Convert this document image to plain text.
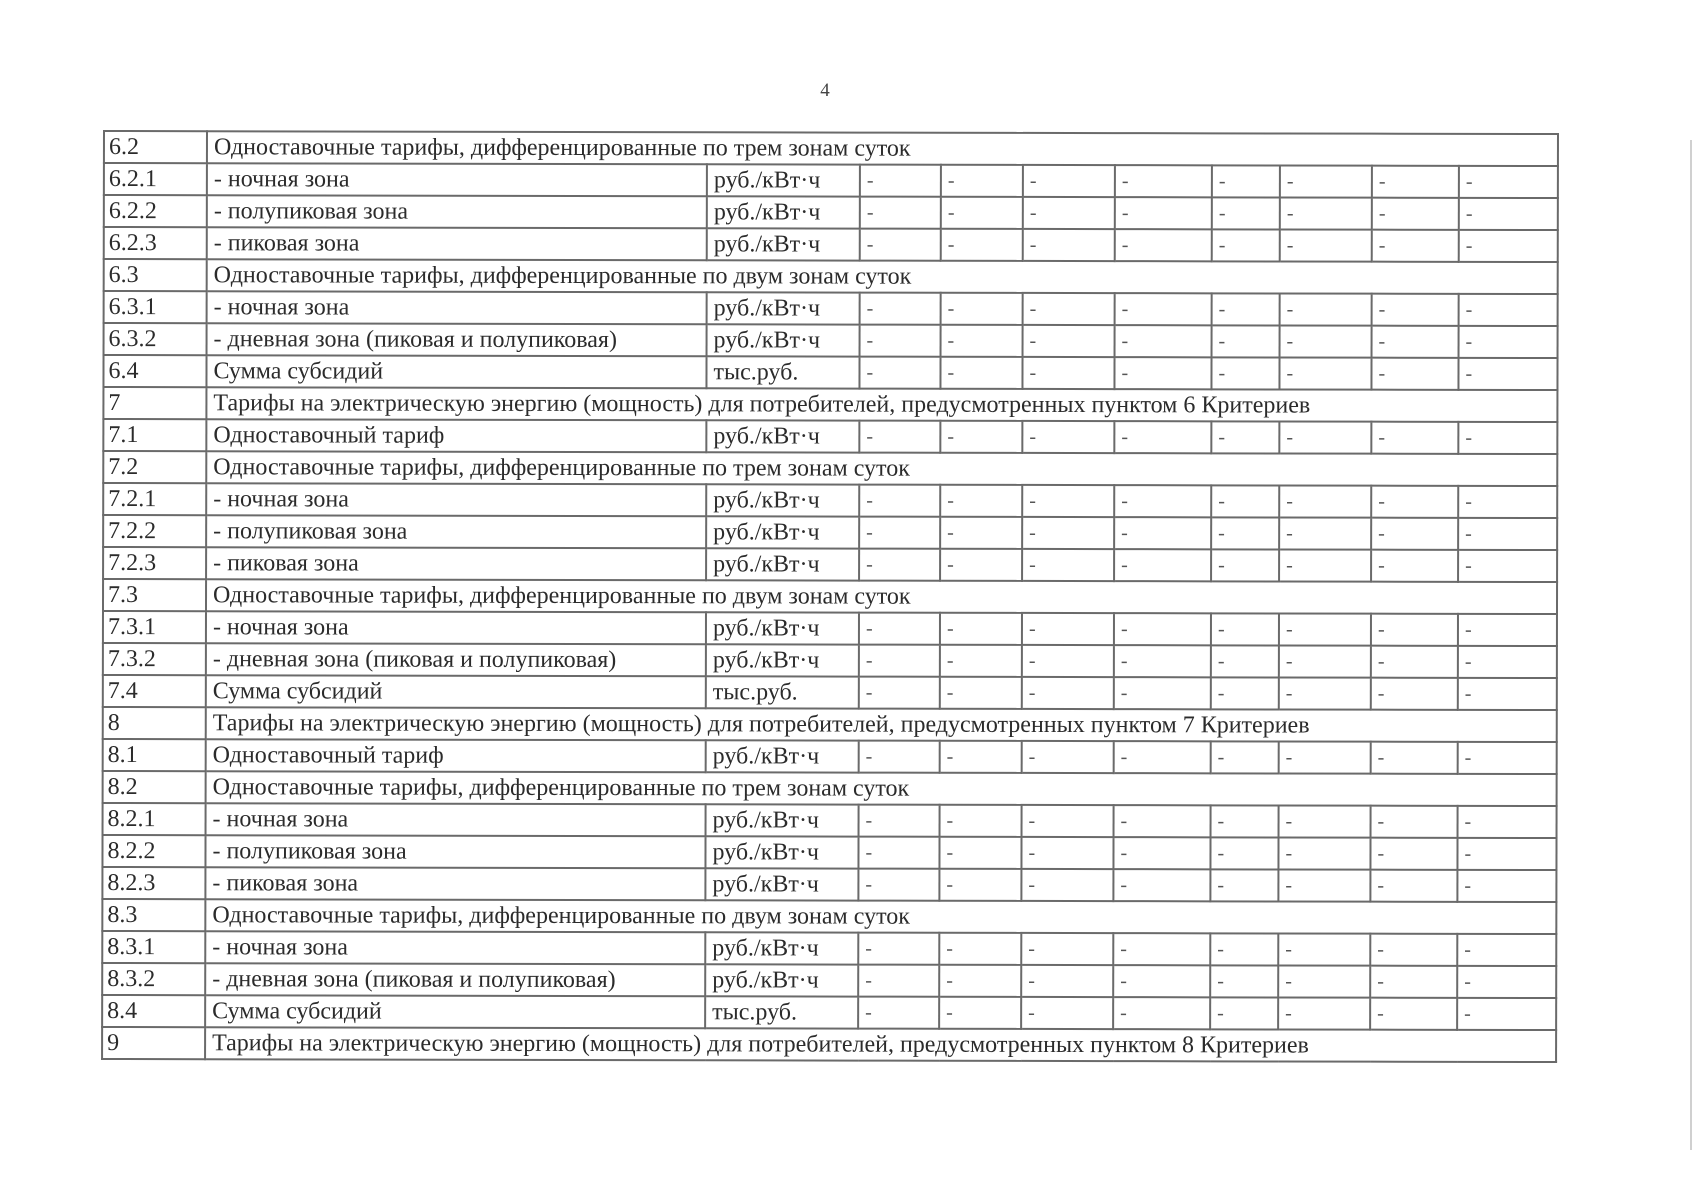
4
6.2	Одноставочные тарифы, дифференцированные по трем зонам суток									
6.2.1	- ночная зона	руб./кВт·ч	-	-	-	-	-	-	-	-
6.2.2	- полупиковая зона	руб./кВт·ч	-	-	-	-	-	-	-	-
6.2.3	- пиковая зона	руб./кВт·ч	-	-	-	-	-	-	-	-
6.3	Одноставочные тарифы, дифференцированные по двум зонам суток									
6.3.1	- ночная зона	руб./кВт·ч	-	-	-	-	-	-	-	-
6.3.2	- дневная зона (пиковая и полупиковая)	руб./кВт·ч	-	-	-	-	-	-	-	-
6.4	Сумма субсидий	тыс.руб.	-	-	-	-	-	-	-	-
7	Тарифы на электрическую энергию (мощность) для потребителей, предусмотренных пунктом 6 Критериев									
7.1	Одноставочный тариф	руб./кВт·ч	-	-	-	-	-	-	-	-
7.2	Одноставочные тарифы, дифференцированные по трем зонам суток									
7.2.1	- ночная зона	руб./кВт·ч	-	-	-	-	-	-	-	-
7.2.2	- полупиковая зона	руб./кВт·ч	-	-	-	-	-	-	-	-
7.2.3	- пиковая зона	руб./кВт·ч	-	-	-	-	-	-	-	-
7.3	Одноставочные тарифы, дифференцированные по двум зонам суток									
7.3.1	- ночная зона	руб./кВт·ч	-	-	-	-	-	-	-	-
7.3.2	- дневная зона (пиковая и полупиковая)	руб./кВт·ч	-	-	-	-	-	-	-	-
7.4	Сумма субсидий	тыс.руб.	-	-	-	-	-	-	-	-
8	Тарифы на электрическую энергию (мощность) для потребителей, предусмотренных пунктом 7 Критериев									
8.1	Одноставочный тариф	руб./кВт·ч	-	-	-	-	-	-	-	-
8.2	Одноставочные тарифы, дифференцированные по трем зонам суток									
8.2.1	- ночная зона	руб./кВт·ч	-	-	-	-	-	-	-	-
8.2.2	- полупиковая зона	руб./кВт·ч	-	-	-	-	-	-	-	-
8.2.3	- пиковая зона	руб./кВт·ч	-	-	-	-	-	-	-	-
8.3	Одноставочные тарифы, дифференцированные по двум зонам суток									
8.3.1	- ночная зона	руб./кВт·ч	-	-	-	-	-	-	-	-
8.3.2	- дневная зона (пиковая и полупиковая)	руб./кВт·ч	-	-	-	-	-	-	-	-
8.4	Сумма субсидий	тыс.руб.	-	-	-	-	-	-	-	-
9	Тарифы на электрическую энергию (мощность) для потребителей, предусмотренных пунктом 8 Критериев									
